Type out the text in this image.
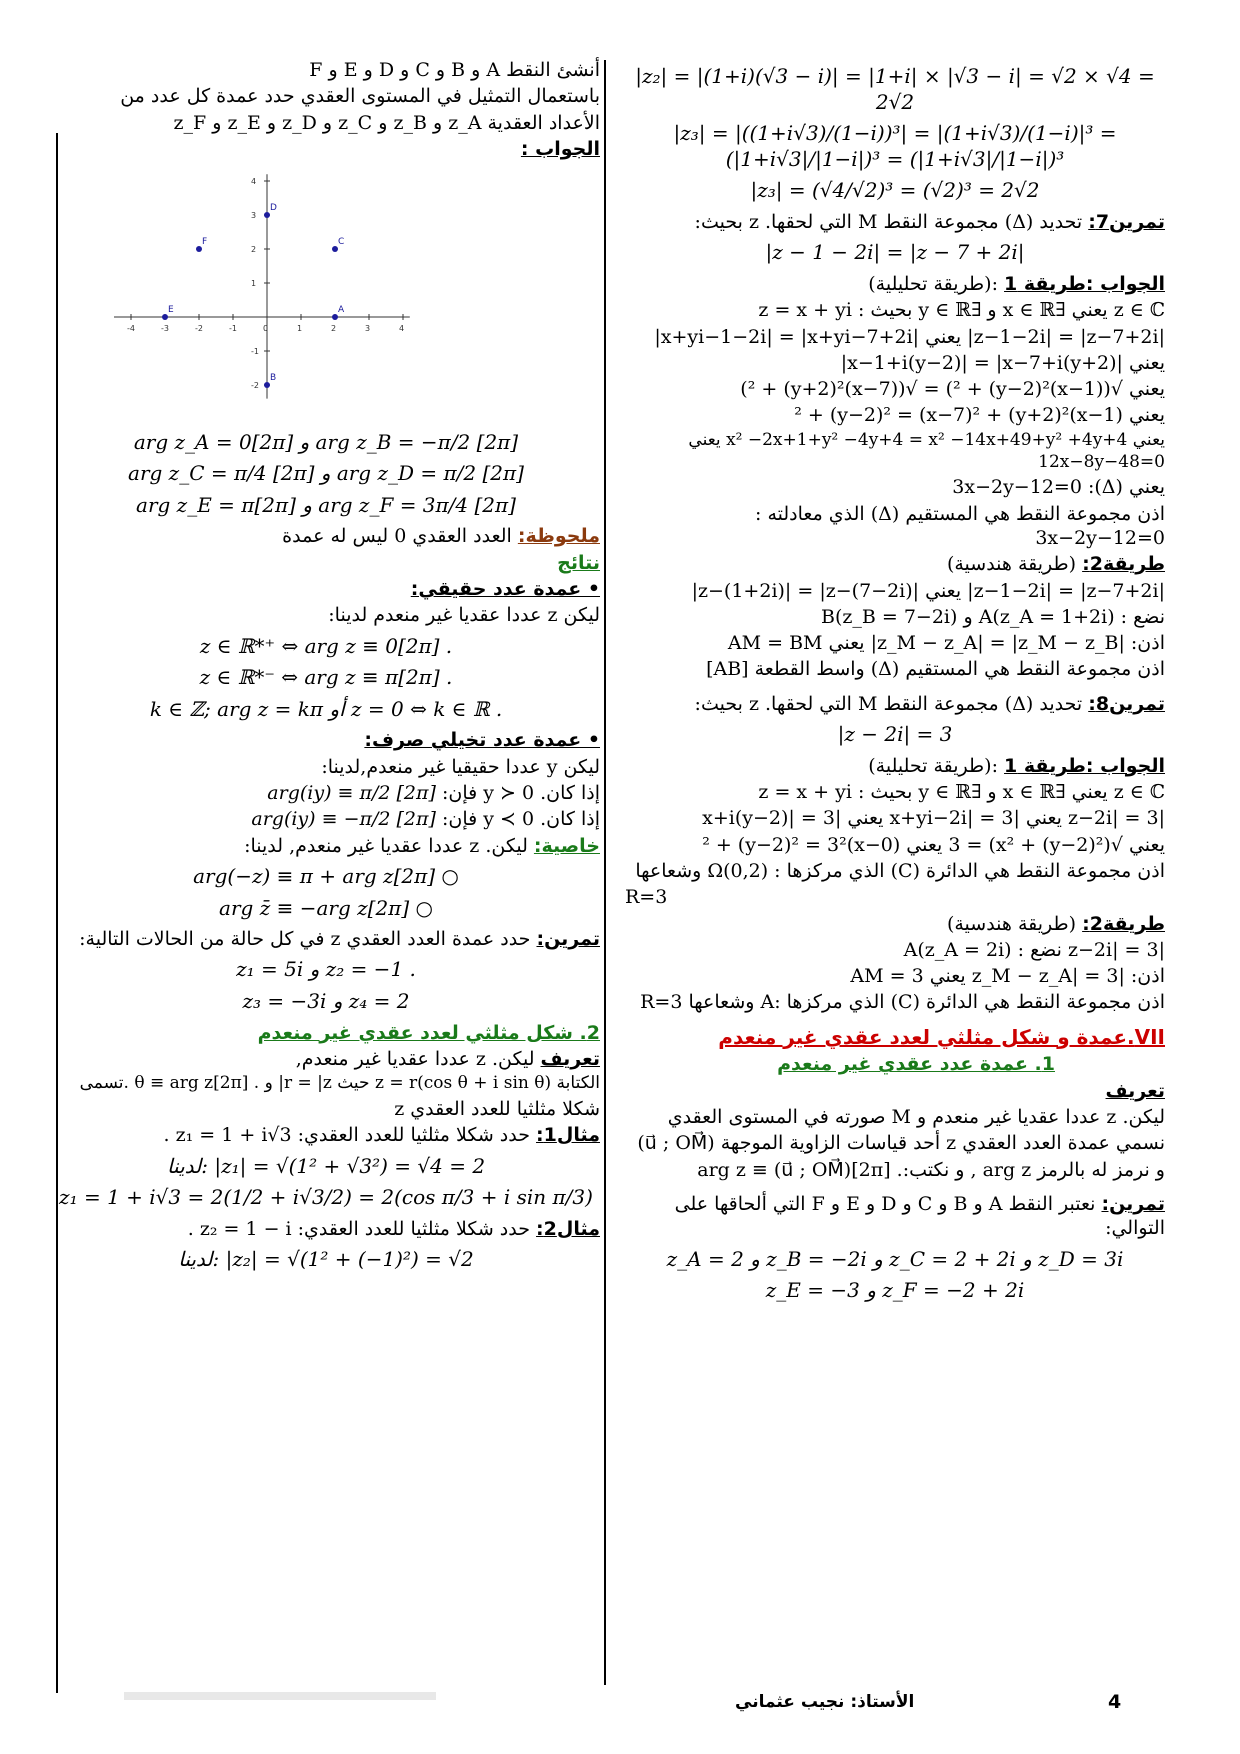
|z₂| = |(1+i)(√3 − i)| = |1+i| × |√3 − i| = √2 × √4 = 2√2
|z₃| = |((1+i√3)/(1−i))³| = |(1+i√3)/(1−i)|³ = (|1+i√3|/|1−i|)³ = (|1+i√3|/|1−i|)³
|z₃| = (√4/√2)³ = (√2)³ = 2√2

تمرين7: تحديد (Δ) مجموعة النقط M التي لحقها. z بحيث:

|z − 1 − 2i| = |z − 7 + 2i|

الجواب :طريقة 1 :(طريقة تحليلية)

z ∈ ℂ يعني ∃x ∈ ℝ و ∃y ∈ ℝ بحيث : z = x + yi

|z−1−2i| = |z−7+2i| يعني |x+yi−1−2i| = |x+yi−7+2i|

يعني |x−1+i(y−2)| = |x−7+i(y+2)|

يعني √((x−1)² + (y−2)²) = √((x−7)² + (y+2)²)

يعني (x−1)² + (y−2)² = (x−7)² + (y+2)²

يعني x² −2x+1+y² −4y+4 = x² −14x+49+y² +4y+4 يعني 12x−8y−48=0

يعني (Δ): 3x−2y−12=0

اذن مجموعة النقط هي المستقيم (Δ) الذي معادلته : 3x−2y−12=0

طريقة2: (طريقة هندسية)

|z−1−2i| = |z−7+2i| يعني |z−(1+2i)| = |z−(7−2i)|

نضع : A(z_A = 1+2i) و B(z_B = 7−2i)

اذن: |z_M − z_A| = |z_M − z_B| يعني AM = BM

اذن مجموعة النقط هي المستقيم (Δ) واسط القطعة [AB]

تمرين8: تحديد (Δ) مجموعة النقط M التي لحقها. z بحيث:

|z − 2i| = 3

الجواب :طريقة 1 :(طريقة تحليلية)

z ∈ ℂ يعني ∃x ∈ ℝ و ∃y ∈ ℝ بحيث : z = x + yi

|z−2i| = 3 يعني |x+yi−2i| = 3 يعني |x+i(y−2)| = 3

يعني √(x² + (y−2)²) = 3 يعني (x−0)² + (y−2)² = 3²

اذن مجموعة النقط هي الدائرة (C) الذي مركزها : Ω(0,2) وشعاعها

R=3

طريقة2: (طريقة هندسية)

|z−2i| = 3 نضع : A(z_A = 2i)

اذن: |z_M − z_A| = 3 يعني AM = 3

اذن مجموعة النقط هي الدائرة (C) الذي مركزها :A وشعاعها R=3

VII.عمدة و شكل مثلثي لعدد عقدي غير منعدم

1. عمدة عدد عقدي غير منعدم

تعريف

ليكن. z عددا عقديا غير منعدم و M صورته في المستوى العقدي

نسمي عمدة العدد العقدي z أحد قياسات الزاوية الموجهة (u⃗ ; OM⃗)

و نرمز له بالرمز arg z , و نكتب:. arg z ≡ (u⃗ ; OM⃗)[2π]

تمرين: نعتبر النقط A و B و C و D و E و F التي ألحاقها على التوالي:

z_A = 2 و z_B = −2i و z_C = 2 + 2i و z_D = 3i
z_E = −3 و z_F = −2 + 2i

أنشئ النقط A و B و C و D و E و F

باستعمال التمثيل في المستوى العقدي حدد عمدة كل عدد من

الأعداد العقدية z_A و z_B و z_C و z_D و z_E و z_F

الجواب :

-4	-3	-2	-1	0	1	2	3	4
4
3
2
1
-1
-2
A
B
C
D
E
F
arg z_A = 0[2π] و arg z_B = −π/2 [2π]
arg z_C = π/4 [2π] و arg z_D = π/2 [2π]
arg z_E = π[2π] و arg z_F = 3π/4 [2π]

ملحوظة: العدد العقدي 0 ليس له عمدة

نتائج

• عمدة عدد حقيقي:

ليكن z عددا عقديا غير منعدم لدينا:

z ∈ ℝ*⁺ ⇔ arg z ≡ 0[2π] .
z ∈ ℝ*⁻ ⇔ arg z ≡ π[2π] .
k ∈ ℤ; arg z = kπ أو z = 0 ⇔ k ∈ ℝ .

• عمدة عدد تخيلي صرف:

ليكن y عددا حقيقيا غير منعدم,لدينا:

إذا كان. y ≻ 0 فإن: arg(iy) ≡ π/2 [2π]

إذا كان. y ≺ 0 فإن: arg(iy) ≡ −π/2 [2π]

خاصية: ليكن. z عددا عقديا غير منعدم, لدينا:

arg(−z) ≡ π + arg z[2π] ○
arg z̄ ≡ −arg z[2π] ○

تمرين: حدد عمدة العدد العقدي z في كل حالة من الحالات التالية:

z₁ = 5i و z₂ = −1 .
z₃ = −3i و z₄ = 2

2. شكل مثلثي لعدد عقدي غير منعدم

تعريف ليكن. z عددا عقديا غير منعدم,

الكتابة z = r(cos θ + i sin θ) حيث r = |z| و . θ ≡ arg z[2π] .تسمى

شكلا مثلثيا للعدد العقدي z

مثال1: حدد شكلا مثلثيا للعدد العقدي: z₁ = 1 + i√3 .

لدينا: |z₁| = √(1² + √3²) = √4 = 2
z₁ = 1 + i√3 = 2(1/2 + i√3/2) = 2(cos π/3 + i sin π/3)

مثال2: حدد شكلا مثلثيا للعدد العقدي: z₂ = 1 − i .

لدينا: |z₂| = √(1² + (−1)²) = √2
الأستاذ: نجيب عثماني	4
